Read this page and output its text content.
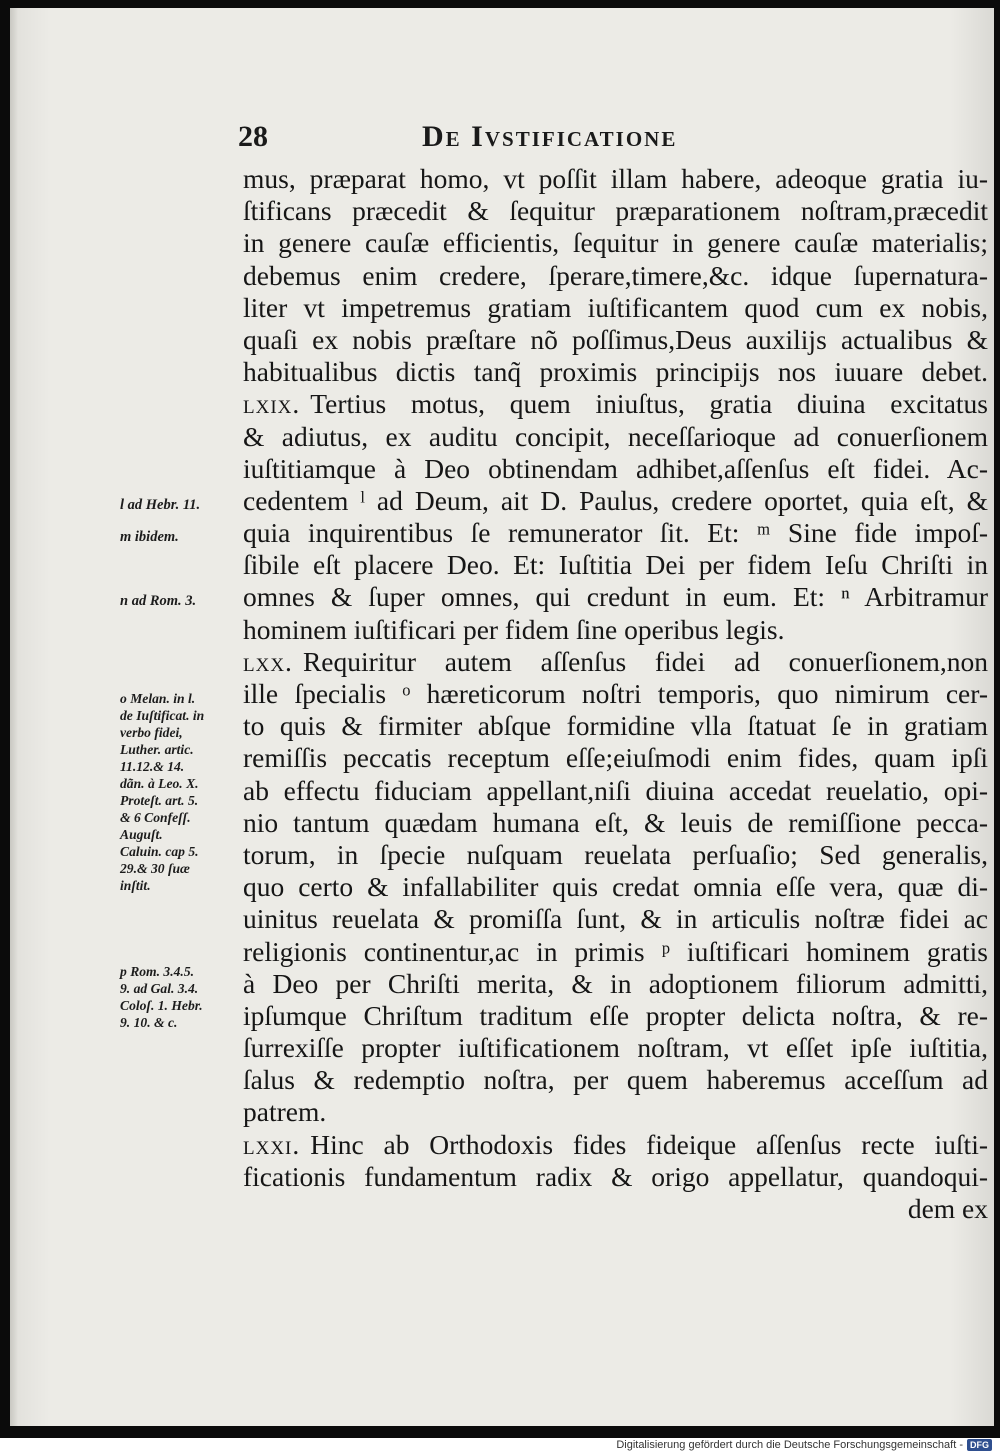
28	De Ivstificatione
l ad Hebr. 11.
m ibidem.
n ad Rom. 3.
o Melan. in l.
de Iuſtificat. in
verbo fidei,
Luther. artic.
11.12.& 14.
dãn. à Leo. X.
Proteſt. art. 5.
& 6 Confeſſ.
Auguſt.
Caluin. cap 5.
29.& 30 ſuæ
inſtit.
p Rom. 3.4.5.
9. ad Gal. 3.4.
Coloſ. 1. Hebr.
9. 10. & c.
mus, præparat homo, vt poſſit illam habere, adeoque gratia iu-
ſtificans præcedit & ſequitur præparationem noſtram,præcedit
in genere cauſæ efficientis, ſequitur in genere cauſæ materialis;
debemus enim credere, ſperare,timere,&c. idque ſupernatura-
liter vt impetremus gratiam iuſtificantem quod cum ex nobis,
quaſi ex nobis præſtare nõ poſſimus,Deus auxilijs actualibus &
habitualibus dictis tanq̃ proximis principijs nos iuuare debet.
lxix. Tertius motus, quem iniuſtus, gratia diuina excitatus
& adiutus, ex auditu concipit, neceſſarioque ad conuerſionem
iuſtitiamque à Deo obtinendam adhibet,aſſenſus eſt fidei. Ac-
cedentem ˡ ad Deum, ait D. Paulus, credere oportet, quia eſt, &
quia inquirentibus ſe remunerator ſit. Et: ᵐ Sine fide impoſ-
ſibile eſt placere Deo. Et: Iuſtitia Dei per fidem Ieſu Chriſti in
omnes & ſuper omnes, qui credunt in eum. Et: ⁿ Arbitramur
hominem iuſtificari per fidem ſine operibus legis.
lxx. Requiritur autem aſſenſus fidei ad conuerſionem,non
ille ſpecialis ᵒ hæreticorum noſtri temporis, quo nimirum cer-
to quis & firmiter abſque formidine vlla ſtatuat ſe in gratiam
remiſſis peccatis receptum eſſe;eiuſmodi enim fides, quam ipſi
ab effectu fiduciam appellant,niſi diuina accedat reuelatio, opi-
nio tantum quædam humana eſt, & leuis de remiſſione pecca-
torum, in ſpecie nuſquam reuelata perſuaſio; Sed generalis,
quo certo & infallabiliter quis credat omnia eſſe vera, quæ di-
uinitus reuelata & promiſſa ſunt, & in articulis noſtræ fidei ac
religionis continentur,ac in primis ᵖ iuſtificari hominem gratis
à Deo per Chriſti merita, & in adoptionem filiorum admitti,
ipſumque Chriſtum traditum eſſe propter delicta noſtra, & re-
ſurrexiſſe propter iuſtificationem noſtram, vt eſſet ipſe iuſtitia,
ſalus & redemptio noſtra, per quem haberemus acceſſum ad
patrem.
lxxi. Hinc ab Orthodoxis fides fideique aſſenſus recte iuſti-
ficationis fundamentum radix & origo appellatur, quandoqui-
dem ex
Digitalisierung gefördert durch die Deutsche Forschungsgemeinschaft - DFG
